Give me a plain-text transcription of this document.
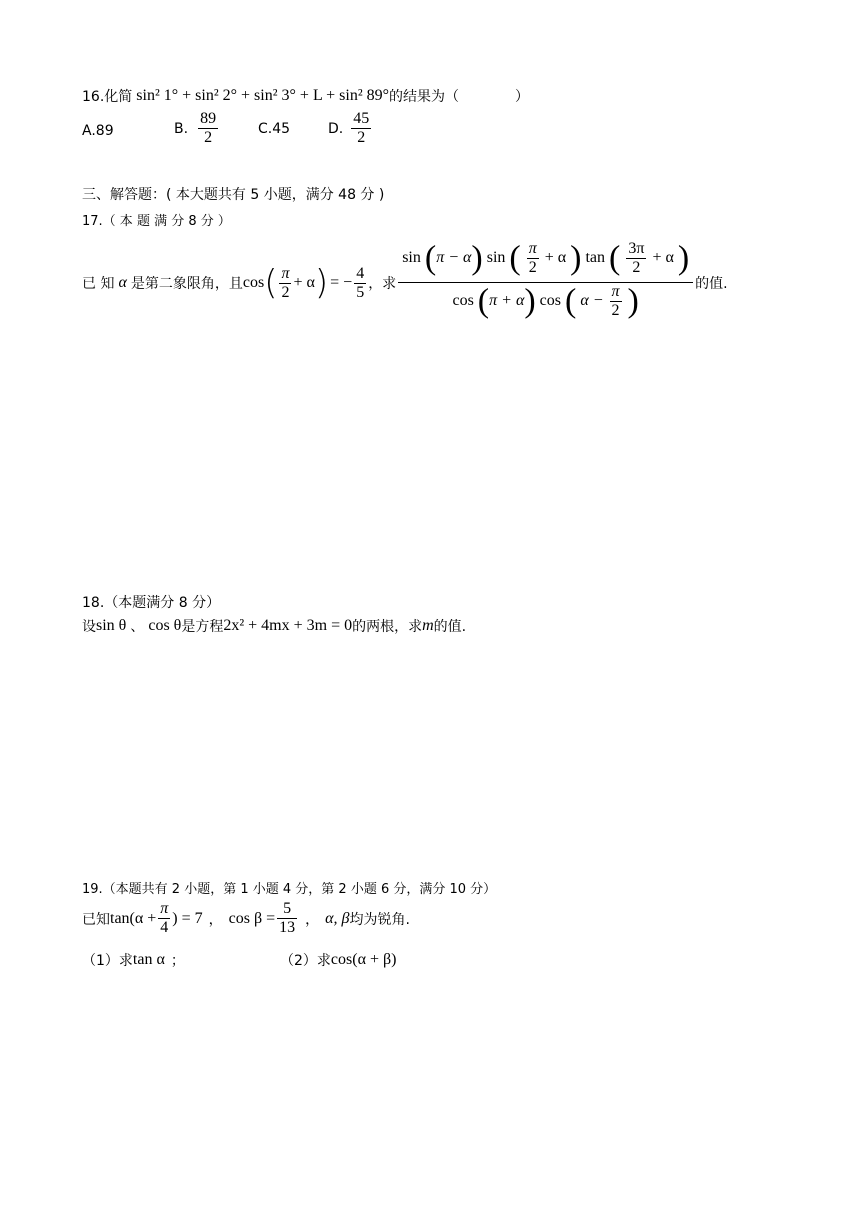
16.化简 sin² 1° + sin² 2° + sin² 3° + L + sin² 89° 的结果为（	）
A. 89	B. $\frac{89}{2}$	C. 45	D. $\frac{45}{2}$
三、解答题：( 本大题共有 5 小题，满分 48 分 )
17.（ 本 题 满 分 8 分 ）
已 知 α 是第二象限角，且 cos ( $\frac{\pi}{2} + \alpha$ ) = − $\frac{4}{5}$ ，求
sin (π − α) sin ( $\frac{\pi}{2} + \alpha$ ) tan ( $\frac{3\pi}{2} + \alpha$ )
cos (π + α) cos ( $\alpha - \frac{\pi}{2}$ )	的值.
18.（本题满分 8 分）
设 sin θ 、 cos θ 是方程 2x² + 4mx + 3m = 0 的两根，求 m 的值.
19.（本题共有 2 小题，第 1 小题 4 分，第 2 小题 6 分，满分 10 分）
已知 $\tan(\alpha + \frac{\pi}{4}$ ) = 7 ， $\cos \beta = \frac{5}{13}$ ， α, β 均为锐角.
（1）求 tan α ；	（2）求 cos(α + β)
